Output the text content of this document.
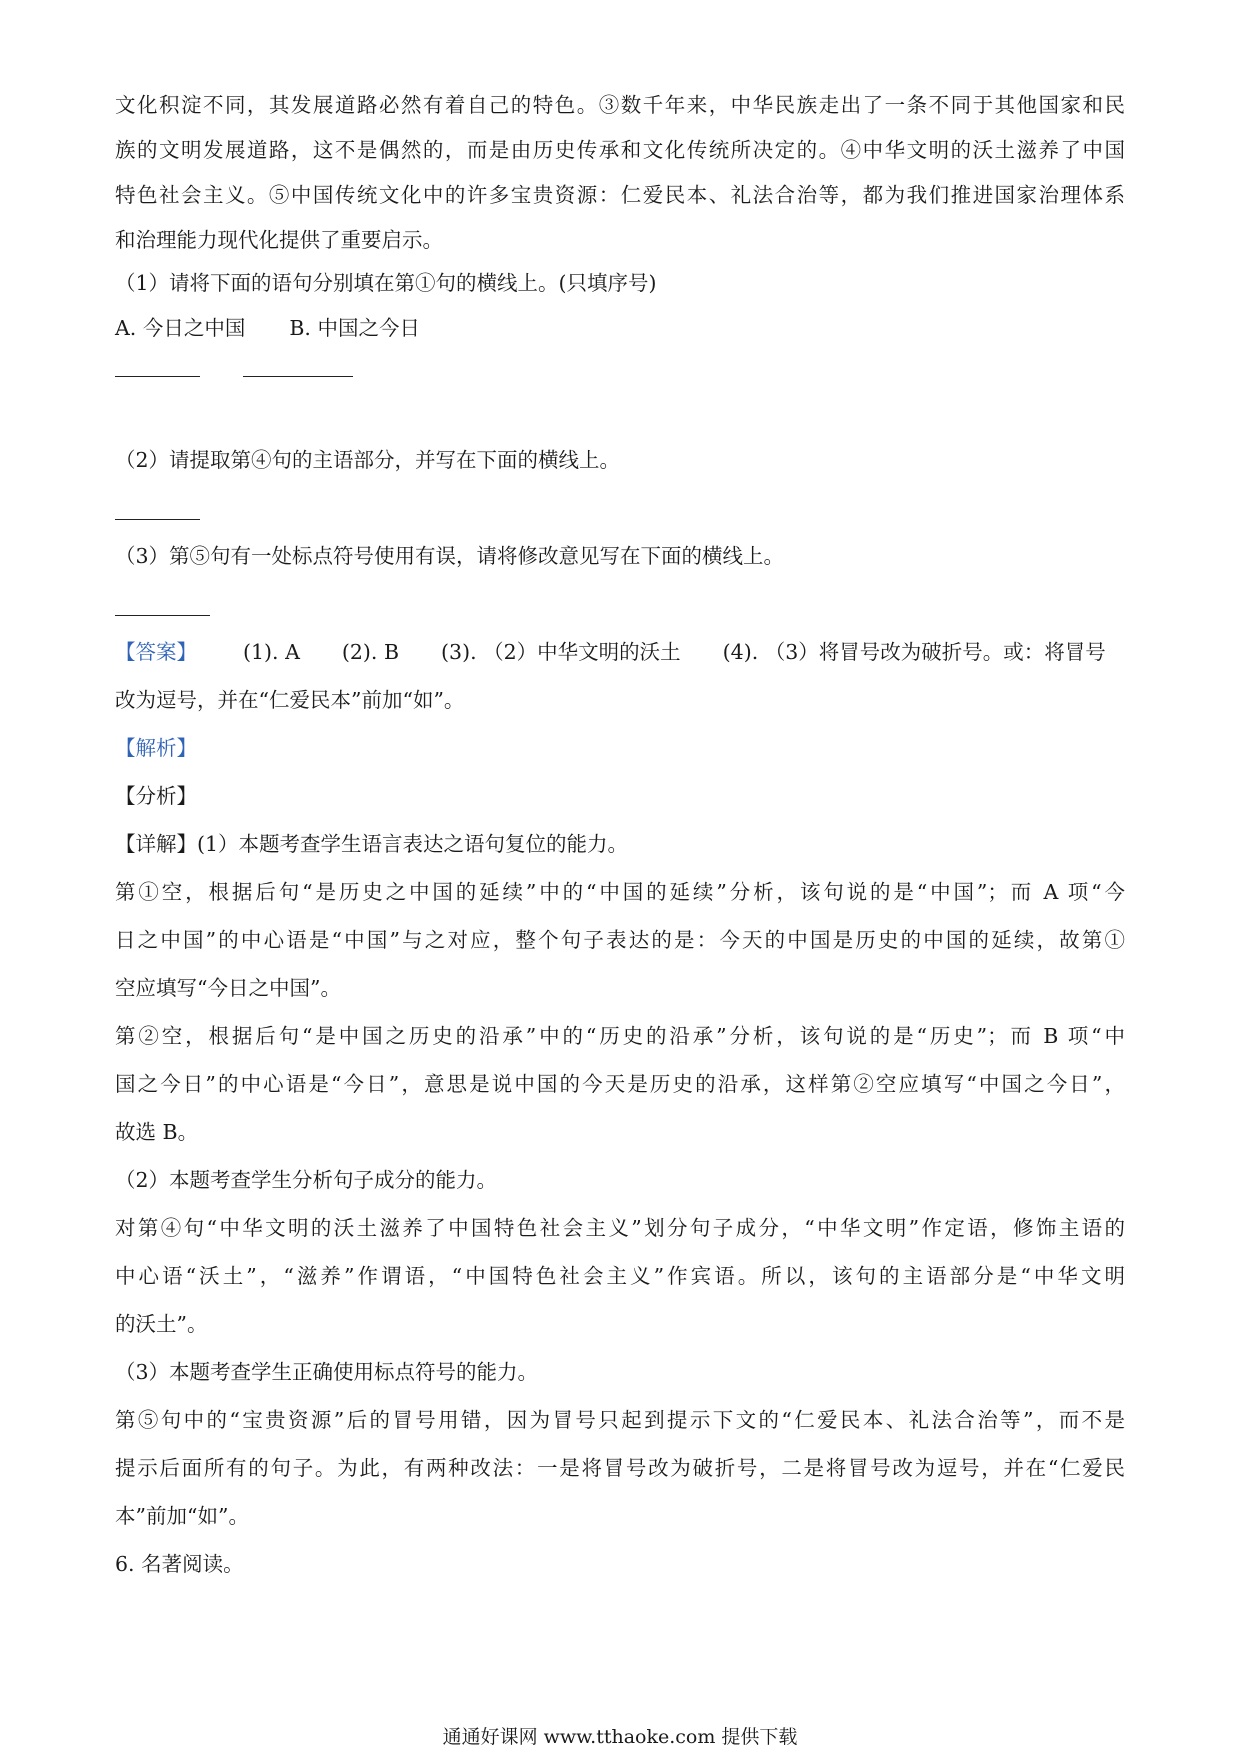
文化积淀不同，其发展道路必然有着自己的特色。③数千年来，中华民族走出了一条不同于其他国家和民
族的文明发展道路，这不是偶然的，而是由历史传承和文化传统所决定的。④中华文明的沃土滋养了中国
特色社会主义。⑤中国传统文化中的许多宝贵资源：仁爱民本、礼法合治等，都为我们推进国家治理体系
和治理能力现代化提供了重要启示。
（1）请将下面的语句分别填在第①句的横线上。(只填序号)
A. 今日之中国 B. 中国之今日
（2）请提取第④句的主语部分，并写在下面的横线上。
（3）第⑤句有一处标点符号使用有误，请将修改意见写在下面的横线上。
【答案】 (1). A (2). B (3). （2）中华文明的沃土 (4). （3）将冒号改为破折号。或：将冒号
改为逗号，并在“仁爱民本”前加“如”。
【解析】
【分析】
【详解】(1）本题考查学生语言表达之语句复位的能力。
第①空，根据后句“是历史之中国的延续”中的“中国的延续”分析，该句说的是“中国”；而 A 项“今
日之中国”的中心语是“中国”与之对应，整个句子表达的是：今天的中国是历史的中国的延续，故第①
空应填写“今日之中国”。
第②空，根据后句“是中国之历史的沿承”中的“历史的沿承”分析，该句说的是“历史”；而 B 项“中
国之今日”的中心语是“今日”，意思是说中国的今天是历史的沿承，这样第②空应填写“中国之今日”，
故选 B。
（2）本题考查学生分析句子成分的能力。
对第④句“中华文明的沃土滋养了中国特色社会主义”划分句子成分，“中华文明”作定语，修饰主语的
中心语“沃土”，“滋养”作谓语，“中国特色社会主义”作宾语。所以，该句的主语部分是“中华文明
的沃土”。
（3）本题考查学生正确使用标点符号的能力。
第⑤句中的“宝贵资源”后的冒号用错，因为冒号只起到提示下文的“仁爱民本、礼法合治等”，而不是
提示后面所有的句子。为此，有两种改法：一是将冒号改为破折号，二是将冒号改为逗号，并在“仁爱民
本”前加“如”。
6. 名著阅读。
通通好课网 www.tthaoke.com 提供下载
